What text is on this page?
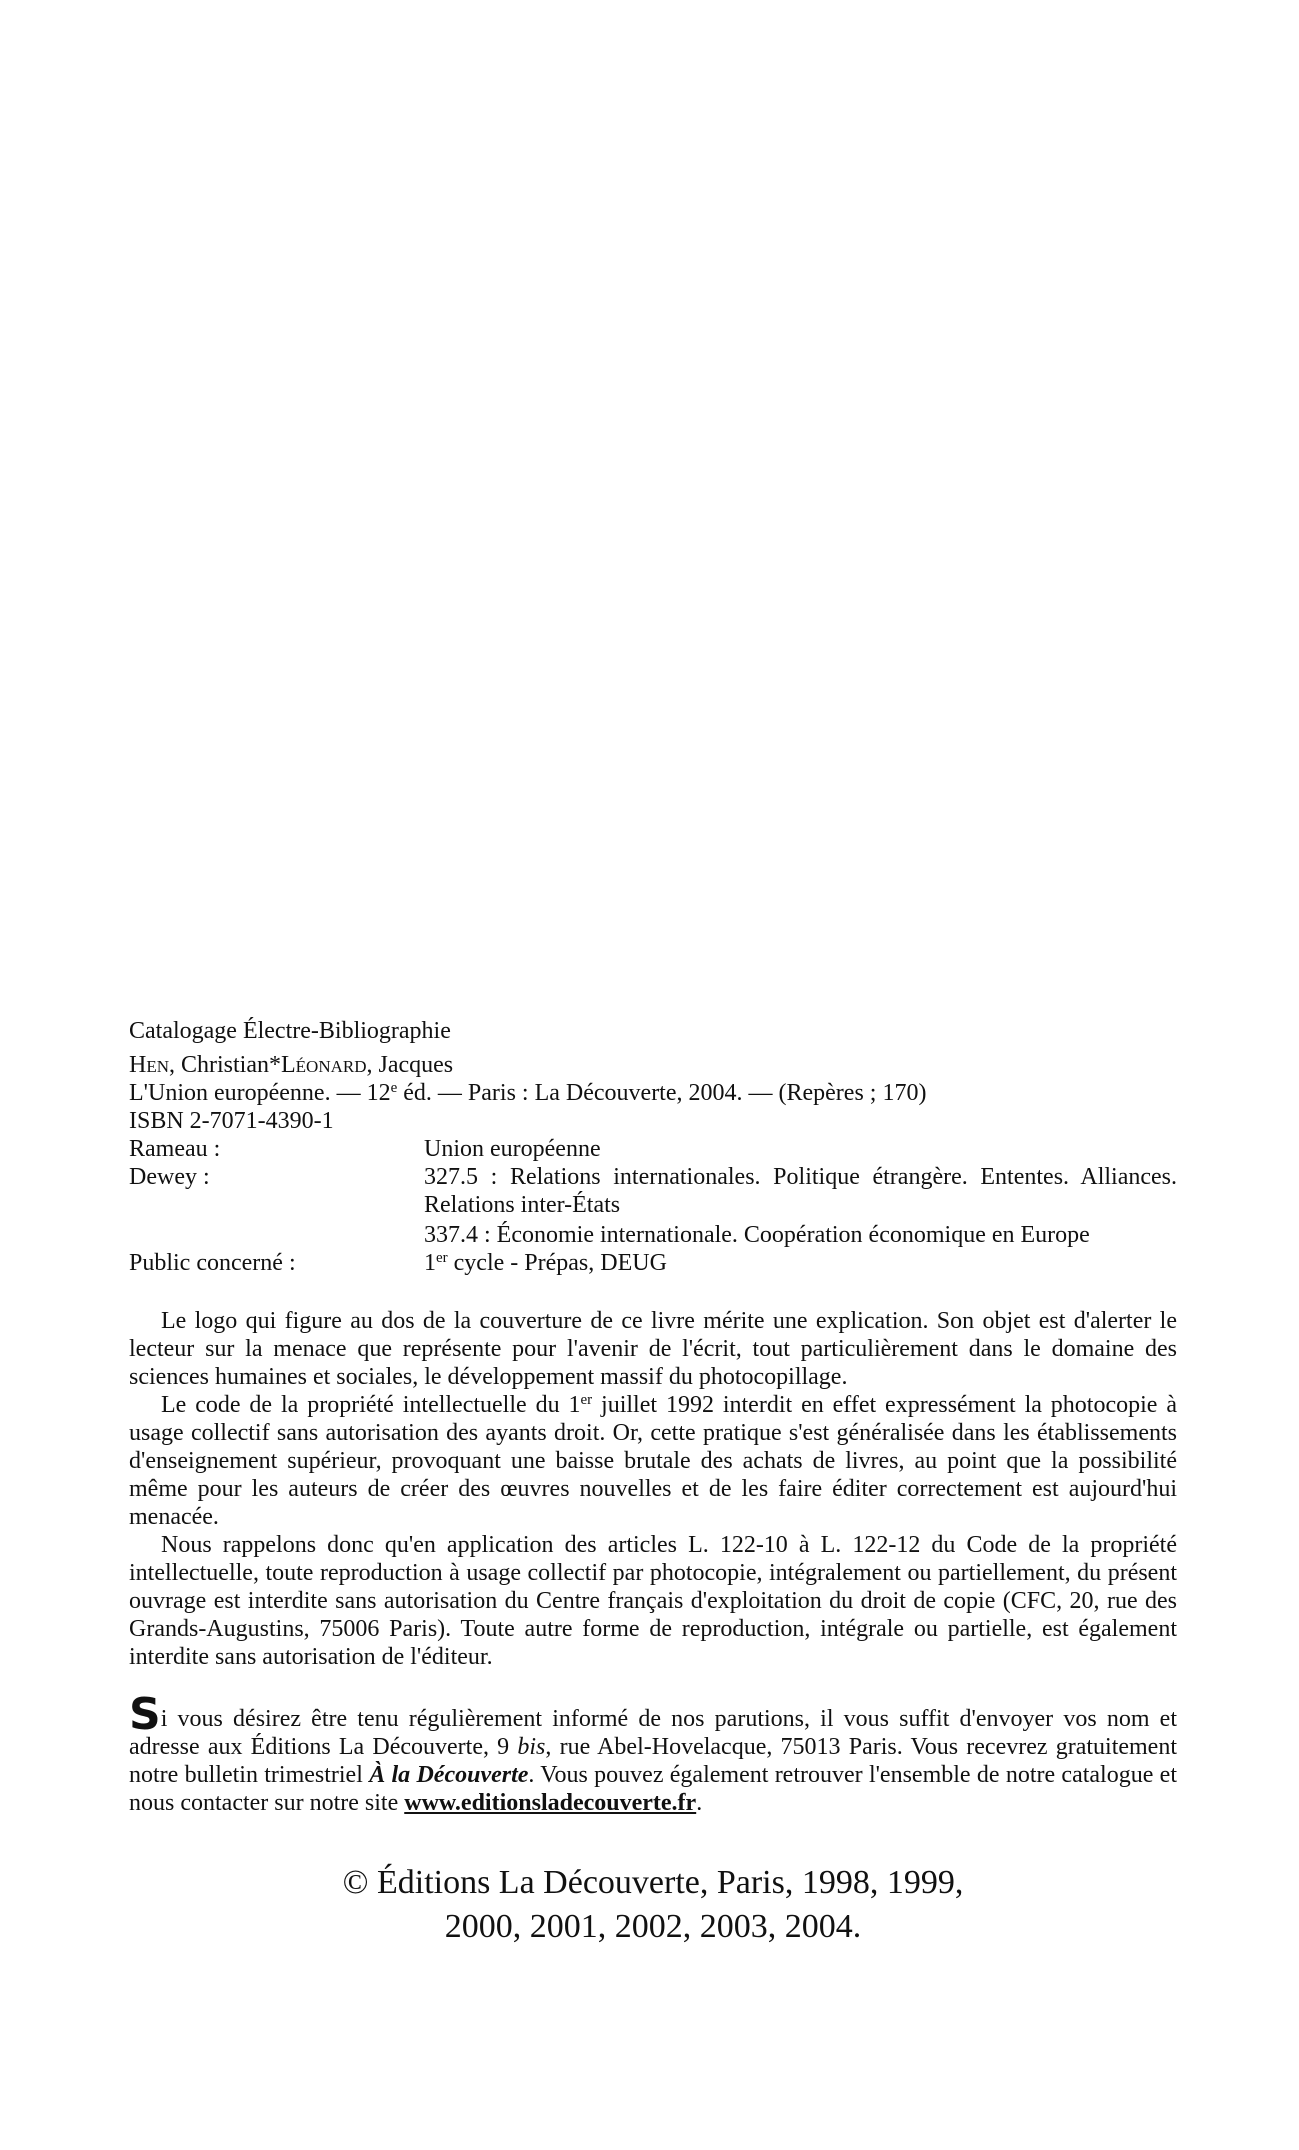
Catalogage Électre-Bibliographie
Hen, Christian*Léonard, Jacques
L'Union européenne. — 12e éd. — Paris : La Découverte, 2004. — (Repères ; 170)
ISBN 2-7071-4390-1
Rameau :	Union européenne
Dewey :	327.5 : Relations internationales. Politique étrangère. Ententes. Alliances. Relations inter-États
337.4 : Économie internationale. Coopération économique en Europe
Public concerné :	1er cycle - Prépas, DEUG

Le logo qui figure au dos de la couverture de ce livre mérite une explication. Son objet est d'alerter le lecteur sur la menace que représente pour l'avenir de l'écrit, tout particulièrement dans le domaine des sciences humaines et sociales, le développement massif du photocopillage.

Le code de la propriété intellectuelle du 1er juillet 1992 interdit en effet expressément la photocopie à usage collectif sans autorisation des ayants droit. Or, cette pratique s'est généralisée dans les établissements d'enseignement supérieur, provoquant une baisse brutale des achats de livres, au point que la possibilité même pour les auteurs de créer des œuvres nouvelles et de les faire éditer correctement est aujourd'hui menacée.

Nous rappelons donc qu'en application des articles L. 122-10 à L. 122-12 du Code de la propriété intellectuelle, toute reproduction à usage collectif par photocopie, intégralement ou partiellement, du présent ouvrage est interdite sans autorisation du Centre français d'exploitation du droit de copie (CFC, 20, rue des Grands-Augustins, 75006 Paris). Toute autre forme de reproduction, intégrale ou partielle, est également interdite sans autorisation de l'éditeur.

Si vous désirez être tenu régulièrement informé de nos parutions, il vous suffit d'envoyer vos nom et adresse aux Éditions La Découverte, 9 bis, rue Abel-Hovelacque, 75013 Paris. Vous recevrez gratuitement notre bulletin trimestriel À la Découverte. Vous pouvez également retrouver l'ensemble de notre catalogue et nous contacter sur notre site www.editionsladecouverte.fr.
© Éditions La Découverte, Paris, 1998, 1999,
2000, 2001, 2002, 2003, 2004.
